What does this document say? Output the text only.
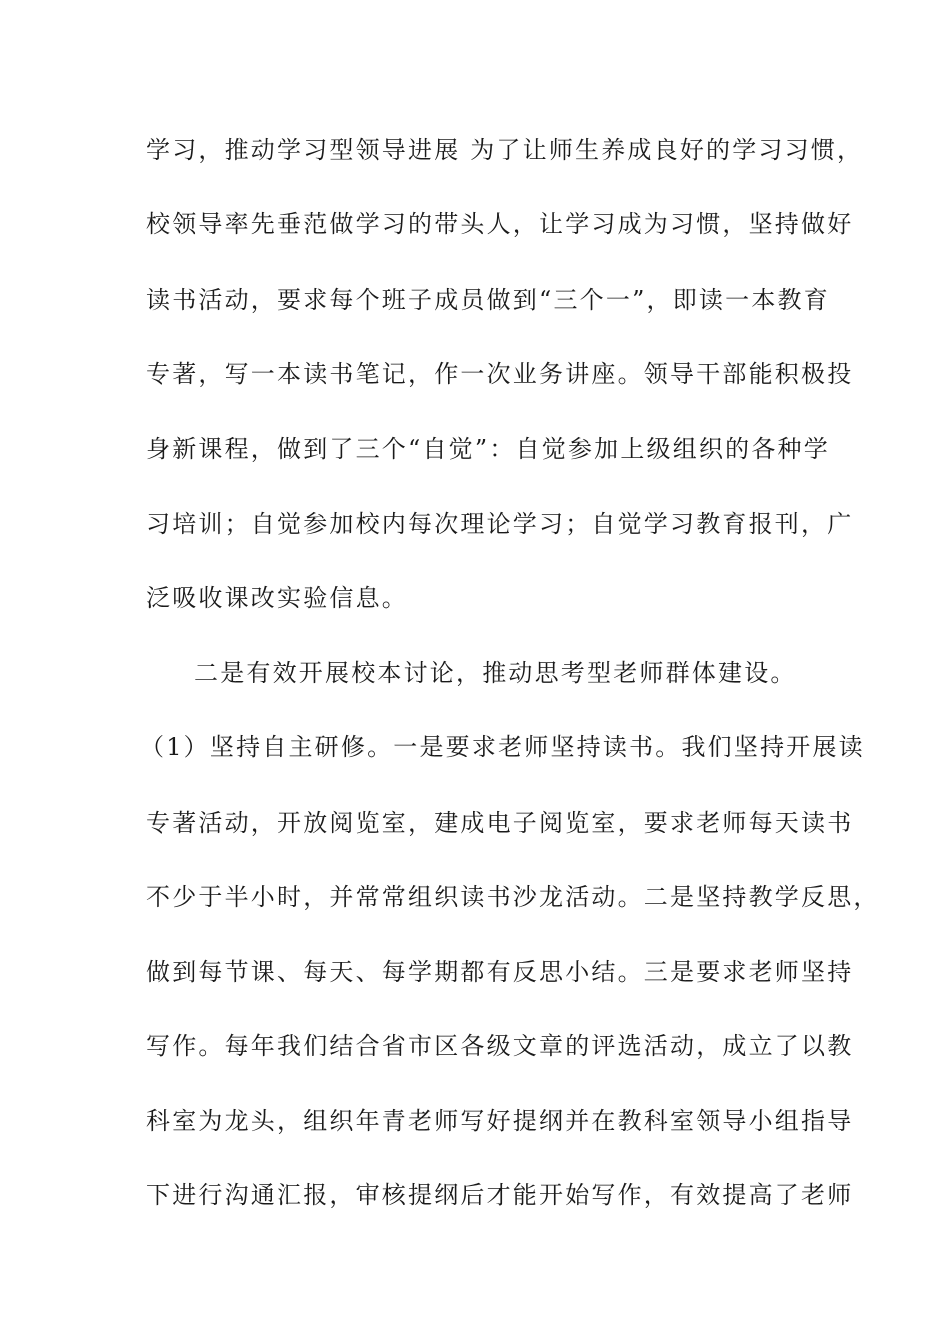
学习，推动学习型领导进展 为了让师生养成良好的学习习惯，
校领导率先垂范做学习的带头人，让学习成为习惯，坚持做好
读书活动，要求每个班子成员做到“三个一”，即读一本教育
专著，写一本读书笔记，作一次业务讲座。领导干部能积极投
身新课程，做到了三个“自觉”：自觉参加上级组织的各种学
习培训；自觉参加校内每次理论学习；自觉学习教育报刊，广
泛吸收课改实验信息。
二是有效开展校本讨论，推动思考型老师群体建设。
（1）坚持自主研修。一是要求老师坚持读书。我们坚持开展读
专著活动，开放阅览室，建成电子阅览室，要求老师每天读书
不少于半小时，并常常组织读书沙龙活动。二是坚持教学反思，
做到每节课、每天、每学期都有反思小结。三是要求老师坚持
写作。每年我们结合省市区各级文章的评选活动，成立了以教
科室为龙头，组织年青老师写好提纲并在教科室领导小组指导
下进行沟通汇报，审核提纲后才能开始写作，有效提高了老师
